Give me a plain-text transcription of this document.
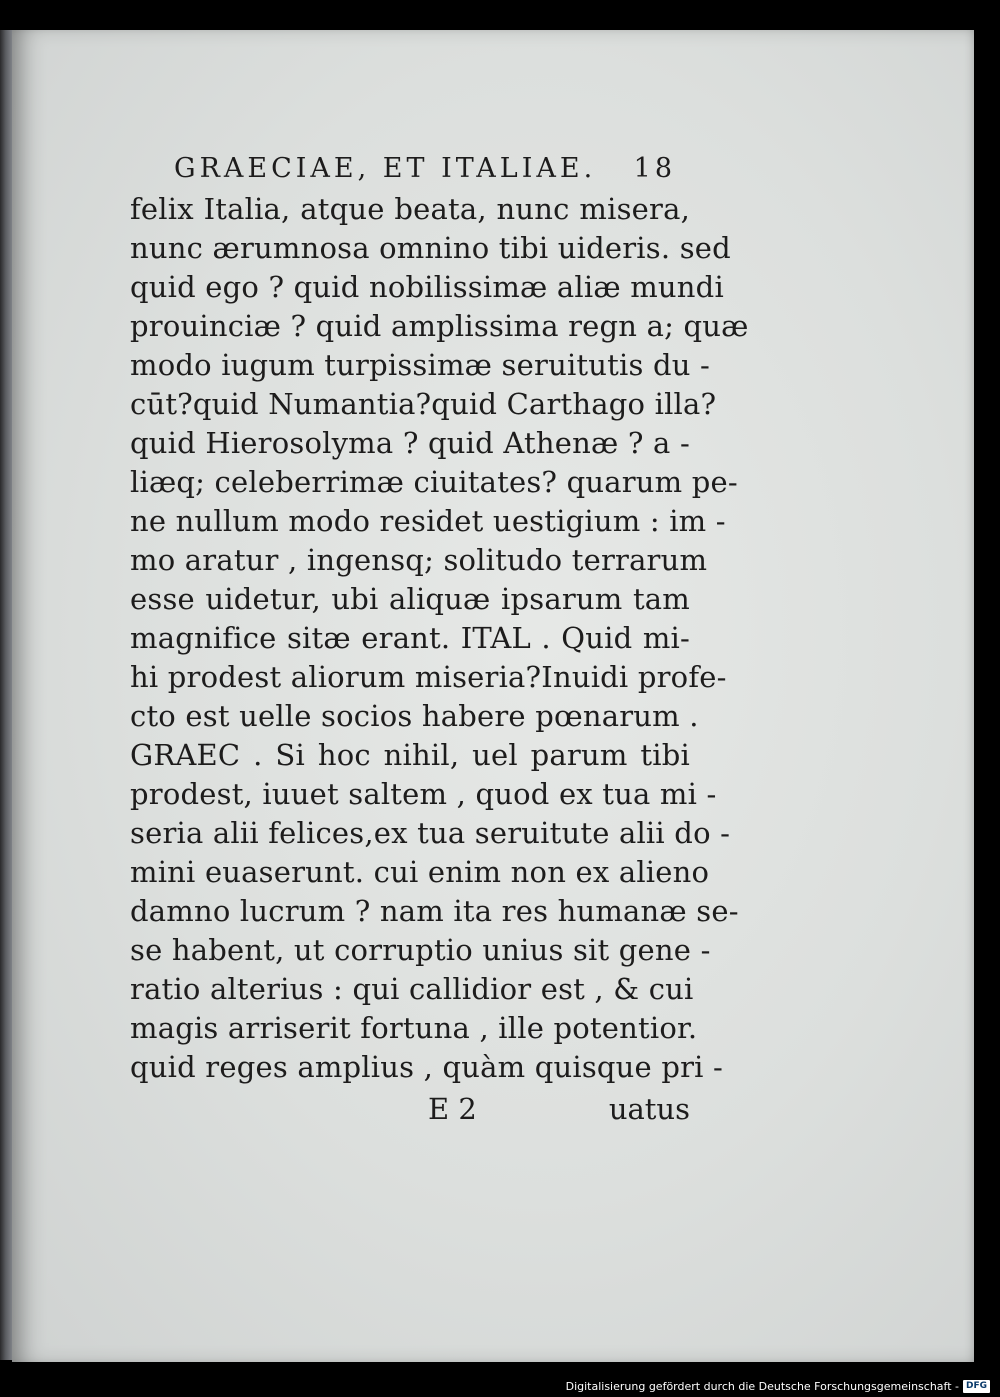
GRAECIAE, ET ITALIAE. 18
felix Italia, atque beata, nunc misera,
nunc ærumnosa omnino tibi uideris. sed
quid ego ? quid nobilissimæ aliæ mundi
prouinciæ ? quid amplissima regn a; quæ
modo iugum turpissimæ seruitutis du -
cūt?quid Numantia?quid Carthago illa?
quid Hierosolyma ? quid Athenæ ? a -
liæq; celeberrimæ ciuitates? quarum pe-
ne nullum modo residet uestigium : im -
mo aratur , ingensq; solitudo terrarum
esse uidetur, ubi aliquæ ipsarum tam
magnifice sitæ erant. ITAL . Quid mi-
hi prodest aliorum miseria?Inuidi profe-
cto est uelle socios habere pœnarum .
GRAEC . Si hoc nihil, uel parum tibi
prodest, iuuet saltem , quod ex tua mi -
seria alii felices,ex tua seruitute alii do -
mini euaserunt. cui enim non ex alieno
damno lucrum ? nam ita res humanæ se-
se habent, ut corruptio unius sit gene -
ratio alterius : qui callidior est , & cui
magis arriserit fortuna , ille potentior.
quid reges amplius , quàm quisque pri -
E 2	uatus
Digitalisierung gefördert durch die Deutsche Forschungsgemeinschaft - DFG
